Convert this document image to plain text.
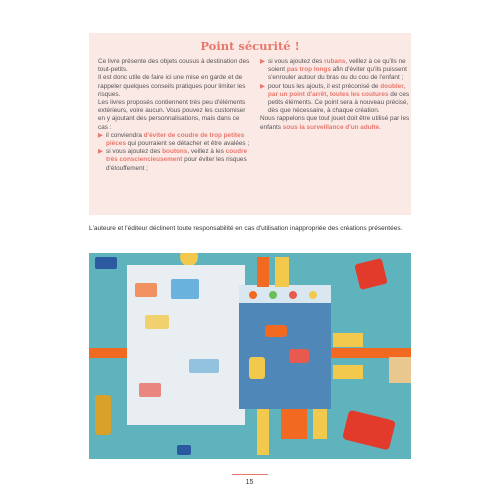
Point sécurité !

Ce livre présente des objets cousus à destination des tout-petits.

Il est donc utile de faire ici une mise en garde et de rappeler quelques conseils pratiques pour limiter les risques.

Les livres proposés contiennent très peu d'éléments extérieurs, voire aucun. Vous pouvez les customiser en y ajoutant des personnalisations, mais dans ce cas :

▶ il conviendra d'éviter de coudre de trop petites pièces qui pourraient se détacher et être avalées ;

▶ si vous ajoutez des boutons, veillez à les coudre très consciencieusement pour éviter les risques d'étouffement ;

▶ si vous ajoutez des rubans, veillez à ce qu'ils ne soient pas trop longs afin d'éviter qu'ils puissent s'enrouler autour du bras ou du cou de l'enfant ;

▶ pour tous les ajouts, il est préconisé de doubler, par un point d'arrêt, toutes les coutures de ces petits éléments. Ce point sera à nouveau précisé, dès que nécessaire, à chaque création.

Nous rappelons que tout jouet doit être utilisé par les enfants sous la surveillance d'un adulte.

L'auteure et l'éditeur déclinent toute responsabilité en cas d'utilisation inappropriée des créations présentées.
15
